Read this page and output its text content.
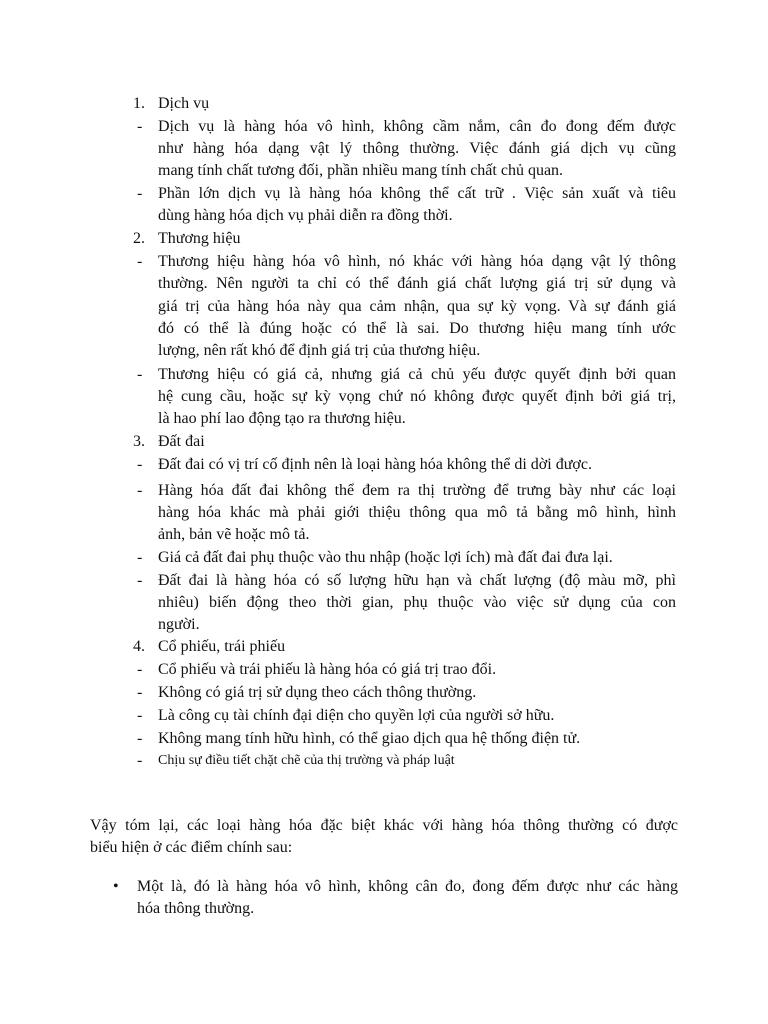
1. Dịch vụ
- Dịch vụ là hàng hóa vô hình, không cầm nắm, cân đo đong đếm được
như hàng hóa dạng vật lý thông thường. Việc đánh giá dịch vụ cũng
mang tính chất tương đối, phần nhiều mang tính chất chủ quan.
- Phần lớn dịch vụ là hàng hóa không thể cất trữ . Việc sản xuất và tiêu
dùng hàng hóa dịch vụ phải diễn ra đồng thời.
2. Thương hiệu
- Thương hiệu hàng hóa vô hình, nó khác với hàng hóa dạng vật lý thông
thường. Nên người ta chỉ có thể đánh giá chất lượng giá trị sử dụng và
giá trị của hàng hóa này qua cảm nhận, qua sự kỳ vọng. Và sự đánh giá
đó có thể là đúng hoặc có thể là sai. Do thương hiệu mang tính ước
lượng, nên rất khó để định giá trị của thương hiệu.
- Thương hiệu có giá cả, nhưng giá cả chủ yếu được quyết định bởi quan
hệ cung cầu, hoặc sự kỳ vọng chứ nó không được quyết định bởi giá trị,
là hao phí lao động tạo ra thương hiệu.
3. Đất đai
- Đất đai có vị trí cố định nên là loại hàng hóa không thể di dời được.
- Hàng hóa đất đai không thể đem ra thị trường để trưng bày như các loại
hàng hóa khác mà phải giới thiệu thông qua mô tả bằng mô hình, hình
ảnh, bản vẽ hoặc mô tả.
- Giá cả đất đai phụ thuộc vào thu nhập (hoặc lợi ích) mà đất đai đưa lại.
- Đất đai là hàng hóa có số lượng hữu hạn và chất lượng (độ màu mỡ, phì
nhiêu) biến động theo thời gian, phụ thuộc vào việc sử dụng của con
người.
4. Cổ phiếu, trái phiếu
- Cổ phiếu và trái phiếu là hàng hóa có giá trị trao đổi.
- Không có giá trị sử dụng theo cách thông thường.
- Là công cụ tài chính đại diện cho quyền lợi của người sở hữu.
- Không mang tính hữu hình, có thể giao dịch qua hệ thống điện tử.
- Chịu sự điều tiết chặt chẽ của thị trường và pháp luật
Vậy tóm lại, các loại hàng hóa đặc biệt khác với hàng hóa thông thường có được
biểu hiện ở các điểm chính sau:
• Một là, đó là hàng hóa vô hình, không cân đo, đong đếm được như các hàng
hóa thông thường.
